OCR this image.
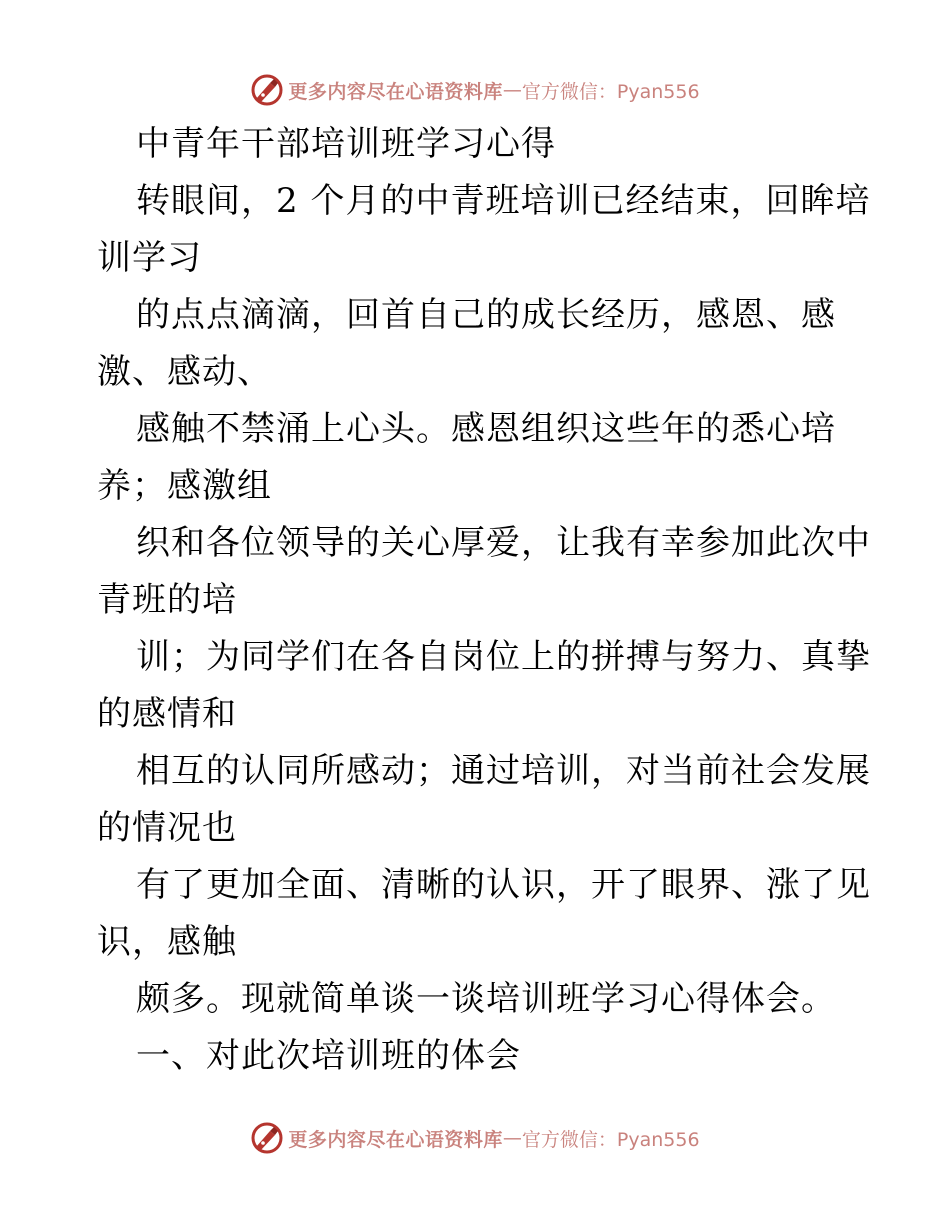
更多内容尽在心语资料库 — 官方微信：Pyan556
中青年干部培训班学习心得
转眼间，2 个月的中青班培训已经结束，回眸培
训学习
的点点滴滴，回首自己的成长经历，感恩、感
激、感动、
感触不禁涌上心头。感恩组织这些年的悉心培
养；感激组
织和各位领导的关心厚爱，让我有幸参加此次中
青班的培
训；为同学们在各自岗位上的拼搏与努力、真挚
的感情和
相互的认同所感动；通过培训，对当前社会发展
的情况也
有了更加全面、清晰的认识，开了眼界、涨了见
识，感触
颇多。现就简单谈一谈培训班学习心得体会。
一、对此次培训班的体会
更多内容尽在心语资料库 — 官方微信：Pyan556
